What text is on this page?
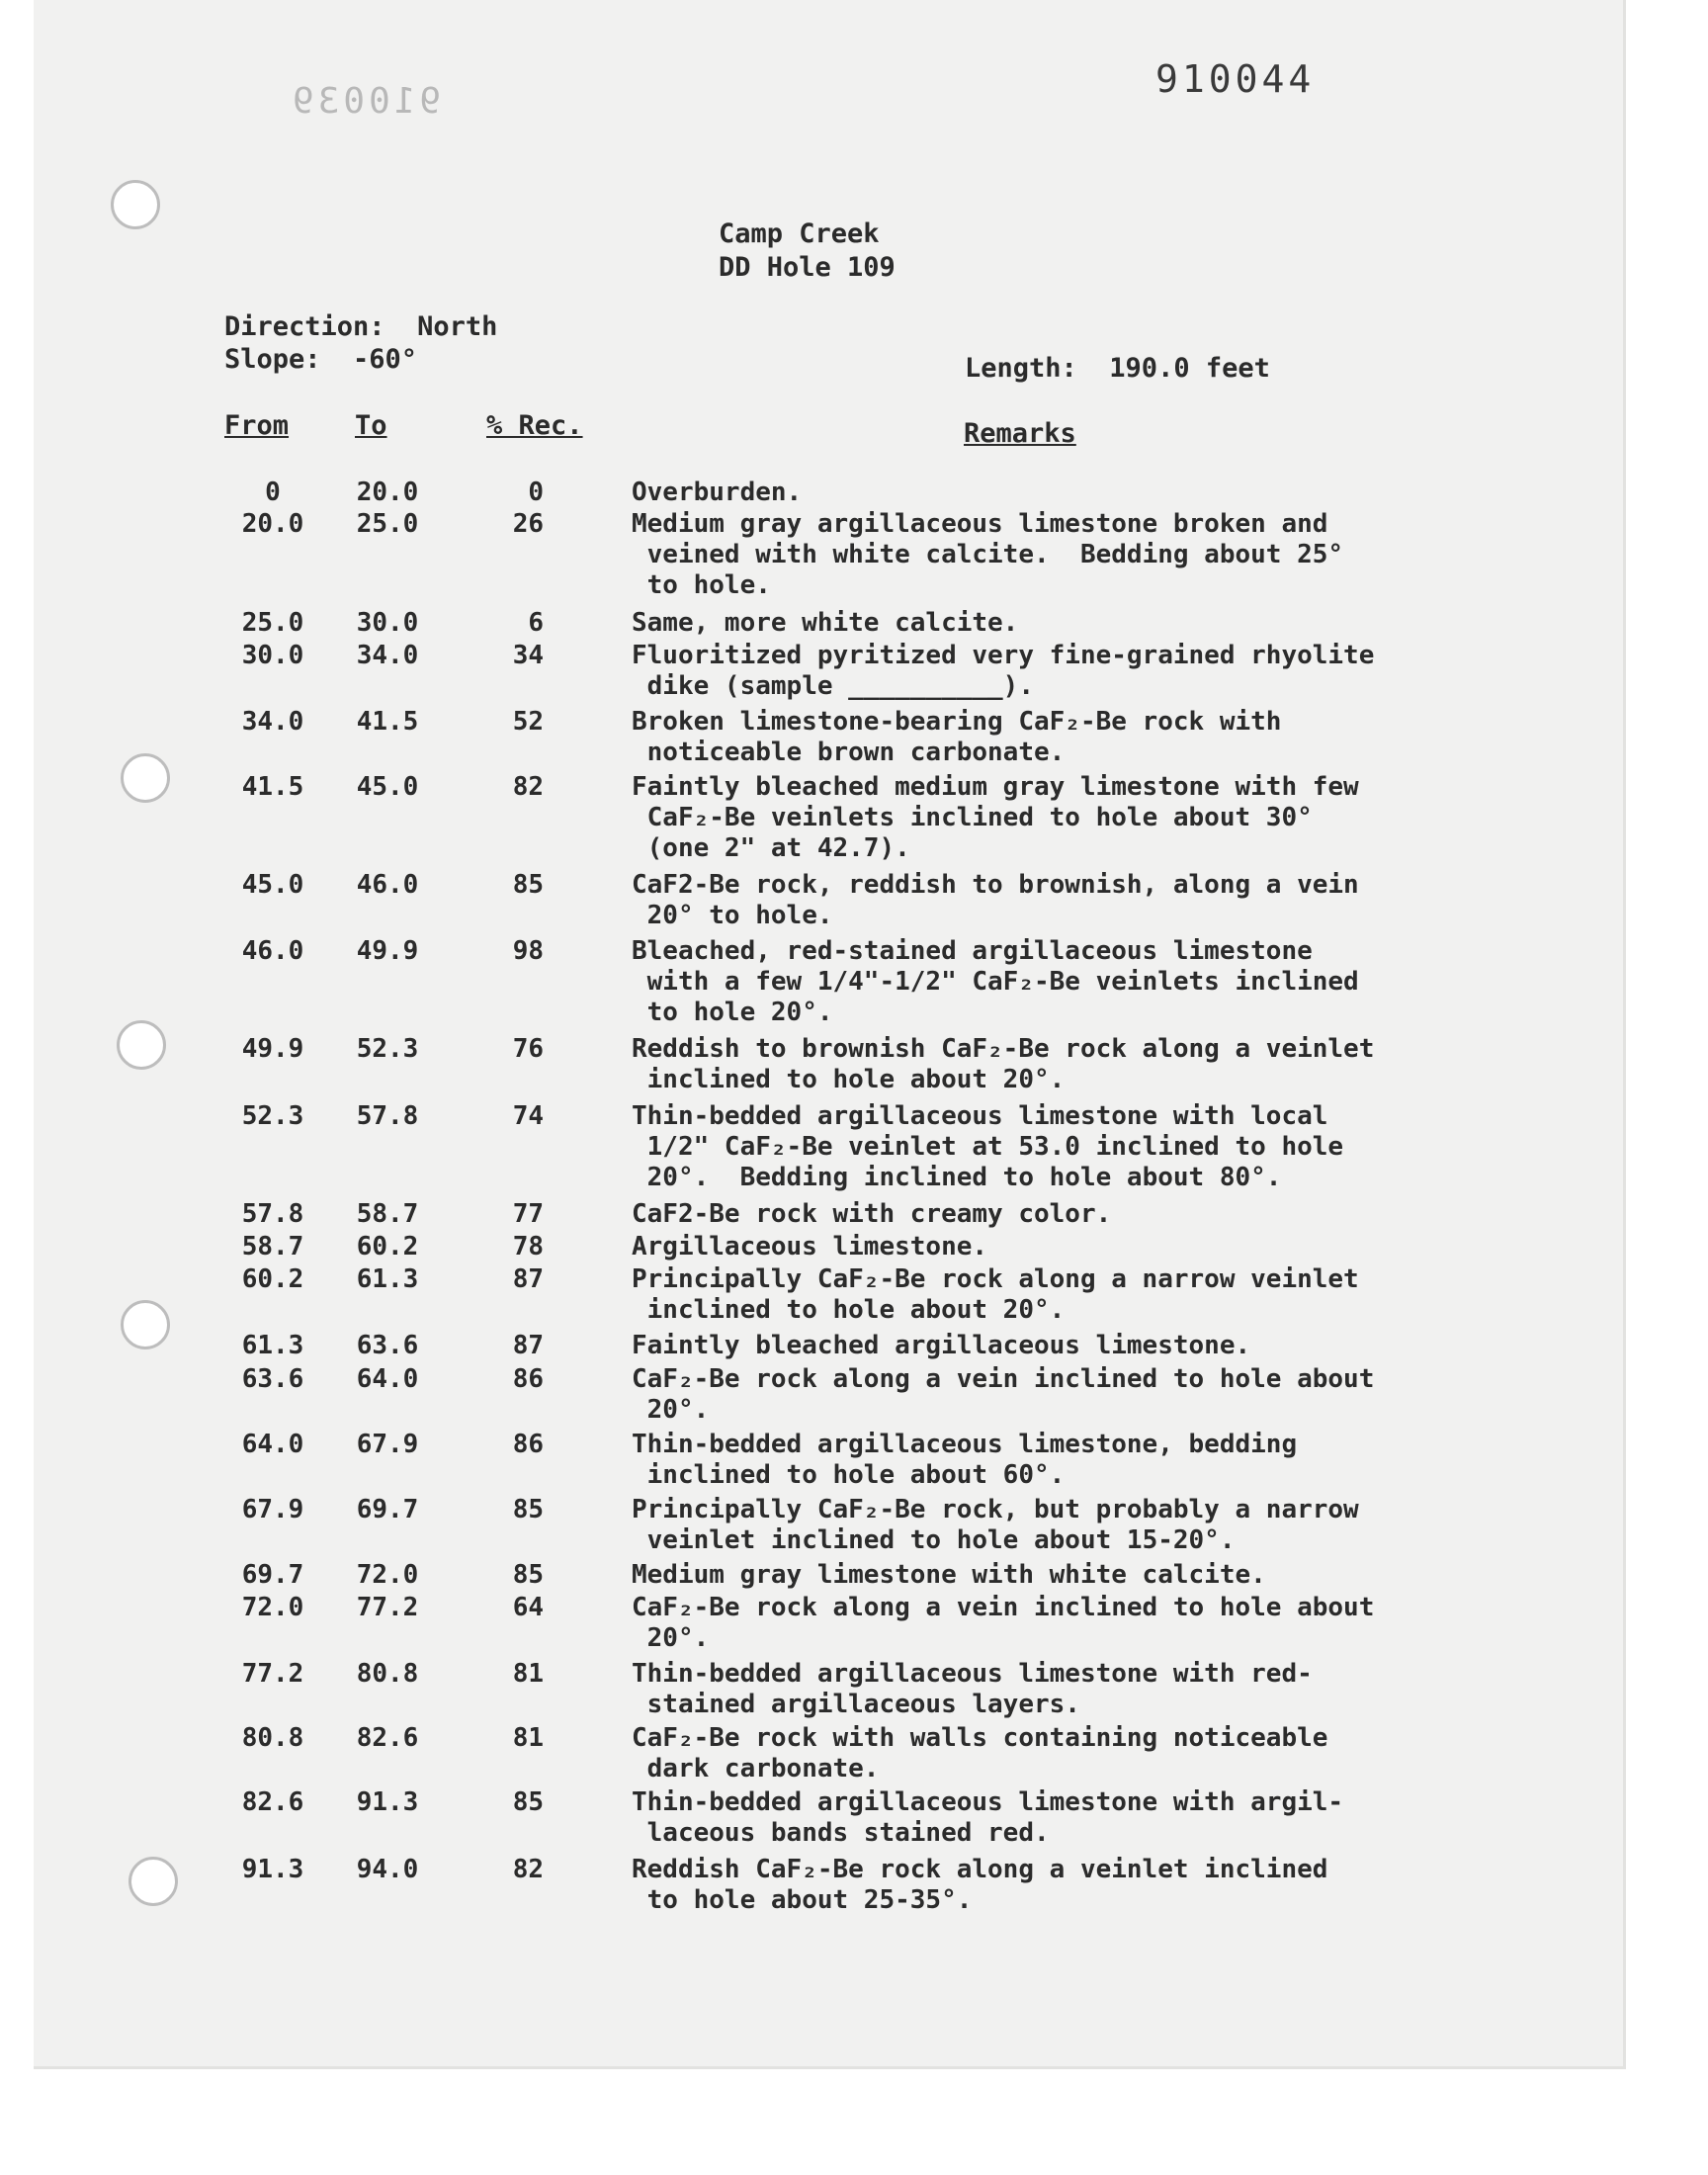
910039
910044
Camp Creek
DD Hole 109
Direction:  North
Slope:  -60°	Length:  190.0 feet
From To	% Rec.	Remarks
0	20.0	0	Overburden.
20.0	25.0	26	Medium gray argillaceous limestone broken and
veined with white calcite.  Bedding about 25°
to hole.
25.0	30.0	6	Same, more white calcite.
30.0	34.0	34	Fluoritized pyritized very fine-grained rhyolite
dike (sample __________).
34.0	41.5	52	Broken limestone-bearing CaF₂-Be rock with
noticeable brown carbonate.
41.5	45.0	82	Faintly bleached medium gray limestone with few
CaF₂-Be veinlets inclined to hole about 30°
(one 2" at 42.7).
45.0	46.0	85	CaF2-Be rock, reddish to brownish, along a vein
20° to hole.
46.0	49.9	98	Bleached, red-stained argillaceous limestone
with a few 1/4"-1/2" CaF₂-Be veinlets inclined
to hole 20°.
49.9	52.3	76	Reddish to brownish CaF₂-Be rock along a veinlet
inclined to hole about 20°.
52.3	57.8	74	Thin-bedded argillaceous limestone with local
1/2" CaF₂-Be veinlet at 53.0 inclined to hole
20°.  Bedding inclined to hole about 80°.
57.8	58.7	77	CaF2-Be rock with creamy color.
58.7	60.2	78	Argillaceous limestone.
60.2	61.3	87	Principally CaF₂-Be rock along a narrow veinlet
inclined to hole about 20°.
61.3	63.6	87	Faintly bleached argillaceous limestone.
63.6	64.0	86	CaF₂-Be rock along a vein inclined to hole about
20°.
64.0	67.9	86	Thin-bedded argillaceous limestone, bedding
inclined to hole about 60°.
67.9	69.7	85	Principally CaF₂-Be rock, but probably a narrow
veinlet inclined to hole about 15-20°.
69.7	72.0	85	Medium gray limestone with white calcite.
72.0	77.2	64	CaF₂-Be rock along a vein inclined to hole about
20°.
77.2	80.8	81	Thin-bedded argillaceous limestone with red-
stained argillaceous layers.
80.8	82.6	81	CaF₂-Be rock with walls containing noticeable
dark carbonate.
82.6	91.3	85	Thin-bedded argillaceous limestone with argil-
laceous bands stained red.
91.3	94.0	82	Reddish CaF₂-Be rock along a veinlet inclined
to hole about 25-35°.
